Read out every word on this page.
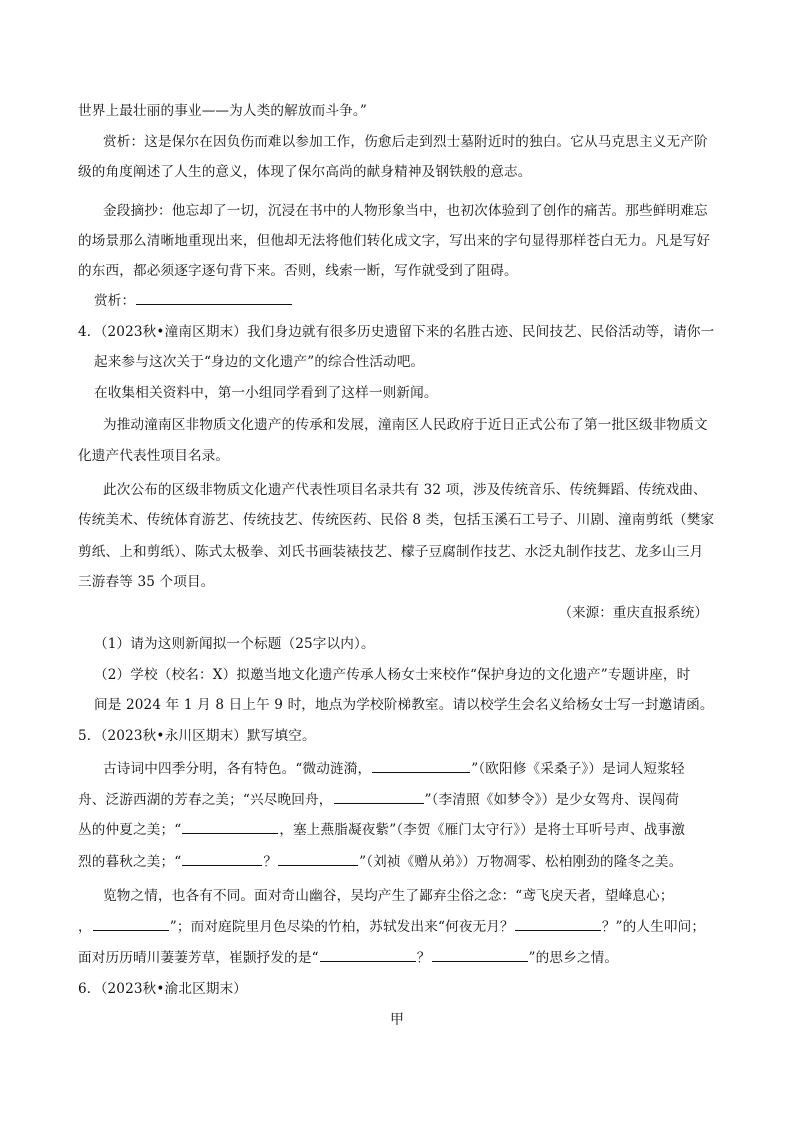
世界上最壮丽的事业——为人类的解放而斗争。”
赏析：这是保尔在因负伤而难以参加工作，伤愈后走到烈士墓附近时的独白。它从马克思主义无产阶
级的角度阐述了人生的意义，体现了保尔高尚的献身精神及钢铁般的意志。
金段摘抄：他忘却了一切，沉浸在书中的人物形象当中，也初次体验到了创作的痛苦。那些鲜明难忘
的场景那么清晰地重现出来，但他却无法将他们转化成文字，写出来的字句显得那样苍白无力。凡是写好
的东西，都必须逐字逐句背下来。否则，线索一断，写作就受到了阻碍。
赏析：
4．（2023秋•潼南区期末）我们身边就有很多历史遗留下来的名胜古迹、民间技艺、民俗活动等，请你一
起来参与这次关于“身边的文化遗产”的综合性活动吧。
在收集相关资料中，第一小组同学看到了这样一则新闻。
为推动潼南区非物质文化遗产的传承和发展，潼南区人民政府于近日正式公布了第一批区级非物质文
化遗产代表性项目名录。
此次公布的区级非物质文化遗产代表性项目名录共有 32 项，涉及传统音乐、传统舞蹈、传统戏曲、
传统美术、传统体育游艺、传统技艺、传统医药、民俗 8 类，包括玉溪石工号子、川剧、潼南剪纸（樊家
剪纸、上和剪纸）、陈式太极拳、刘氏书画装裱技艺、檬子豆腐制作技艺、水泛丸制作技艺、龙多山三月
三游春等 35 个项目。
（来源：重庆直报系统）
（1）请为这则新闻拟一个标题（25字以内）。
（2）学校（校名：X）拟邀当地文化遗产传承人杨女士来校作“保护身边的文化遗产”专题讲座，时
间是 2024 年 1 月 8 日上午 9 时，地点为学校阶梯教室。请以校学生会名义给杨女士写一封邀请函。
5．（2023秋•永川区期末）默写填空。
古诗词中四季分明，各有特色。“微动涟漪，	”（欧阳修《采桑子》）是词人短浆轻
舟、泛游西湖的芳春之美；“兴尽晚回舟，	”（李清照《如梦令》）是少女驾舟、误闯荷
丛的仲夏之美；“	，塞上燕脂凝夜紫”（李贺《雁门太守行》）是将士耳听号声、战事激
烈的暮秋之美；“	？	”（刘祯《赠从弟》）万物凋零、松柏刚劲的隆冬之美。
览物之情，也各有不同。面对奇山幽谷，吴均产生了鄙弃尘俗之念：“鸢飞戾天者，望峰息心；
，	”；而对庭院里月色尽染的竹柏，苏轼发出来“何夜无月？	？”的人生叩问；
面对历历晴川萋萋芳草，崔颢抒发的是“	？	”的思乡之情。
6．（2023秋•渝北区期末）
甲
